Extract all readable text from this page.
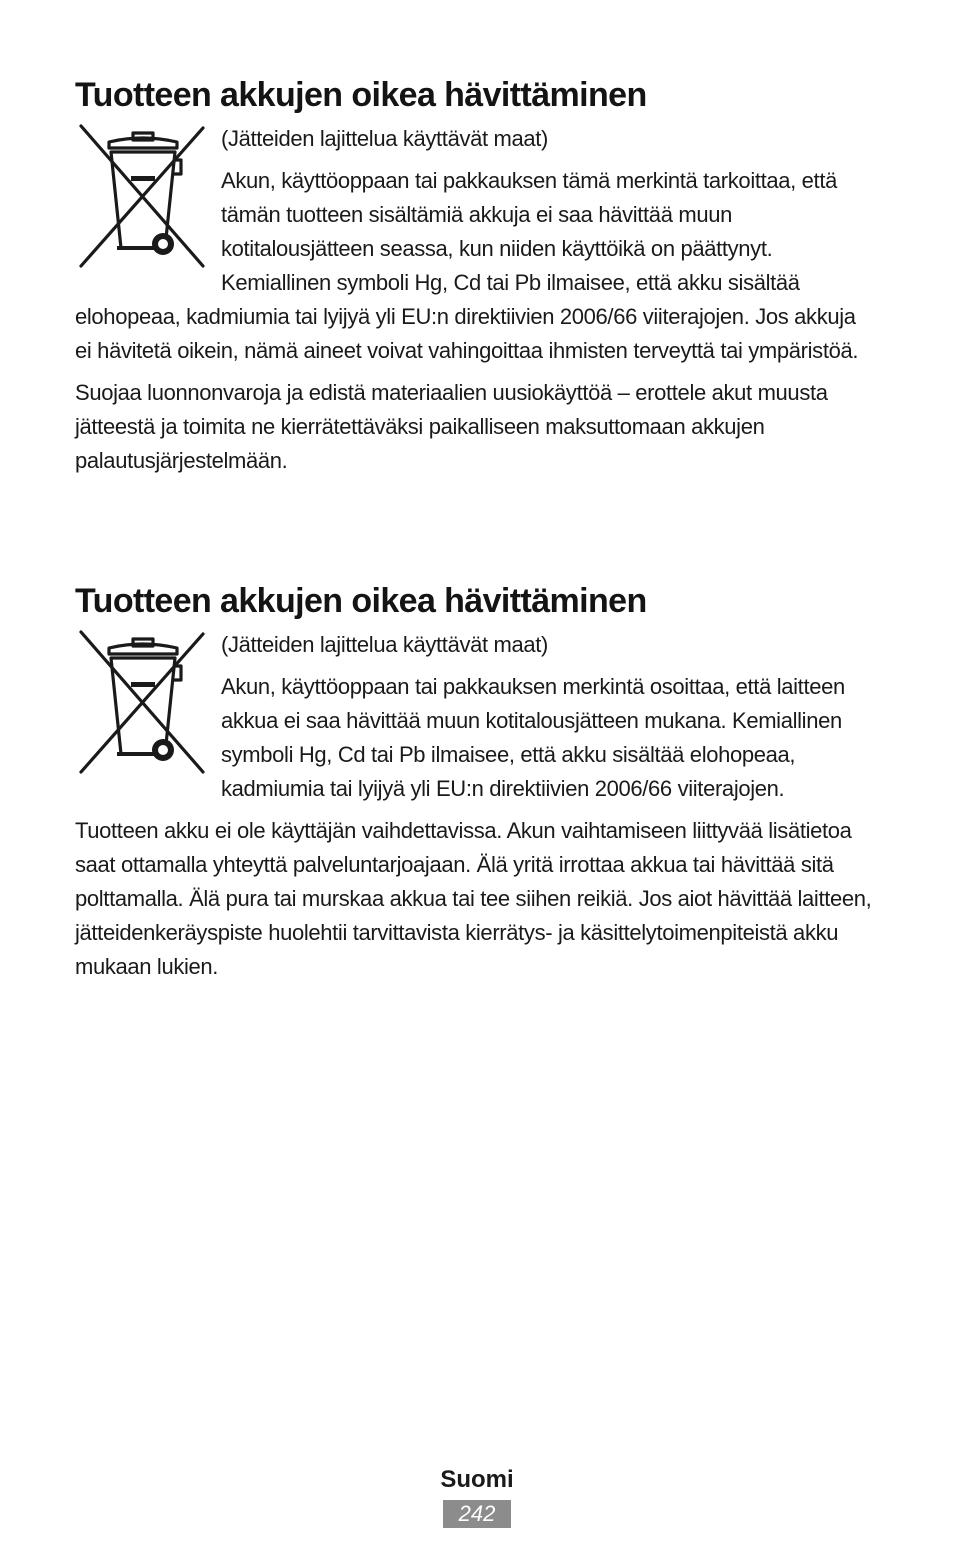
Tuotteen akkujen oikea hävittäminen

(Jätteiden lajittelua käyttävät maat)

Akun, käyttöoppaan tai pakkauksen tämä merkintä tarkoittaa, että tämän tuotteen sisältämiä akkuja ei saa hävittää muun kotitalousjätteen seassa, kun niiden käyttöikä on päättynyt. Kemiallinen symboli Hg, Cd tai Pb ilmaisee, että akku sisältää elohopeaa, kadmiumia tai lyijyä yli EU:n direktiivien 2006/66 viiterajojen. Jos akkuja ei hävitetä oikein, nämä aineet voivat vahingoittaa ihmisten terveyttä tai ympäristöä.

Suojaa luonnonvaroja ja edistä materiaalien uusiokäyttöä – erottele akut muusta jätteestä ja toimita ne kierrätettäväksi paikalliseen maksuttomaan akkujen palautusjärjestelmään.

Tuotteen akkujen oikea hävittäminen

(Jätteiden lajittelua käyttävät maat)

Akun, käyttöoppaan tai pakkauksen merkintä osoittaa, että laitteen akkua ei saa hävittää muun kotitalousjätteen mukana. Kemiallinen symboli Hg, Cd tai Pb ilmaisee, että akku sisältää elohopeaa, kadmiumia tai lyijyä yli EU:n direktiivien 2006/66 viiterajojen.

Tuotteen akku ei ole käyttäjän vaihdettavissa. Akun vaihtamiseen liittyvää lisätietoa saat ottamalla yhteyttä palveluntarjoajaan. Älä yritä irrottaa akkua tai hävittää sitä polttamalla. Älä pura tai murskaa akkua tai tee siihen reikiä. Jos aiot hävittää laitteen, jätteidenkeräyspiste huolehtii tarvittavista kierrätys- ja käsittelytoimenpiteistä akku mukaan lukien.

Suomi
242
